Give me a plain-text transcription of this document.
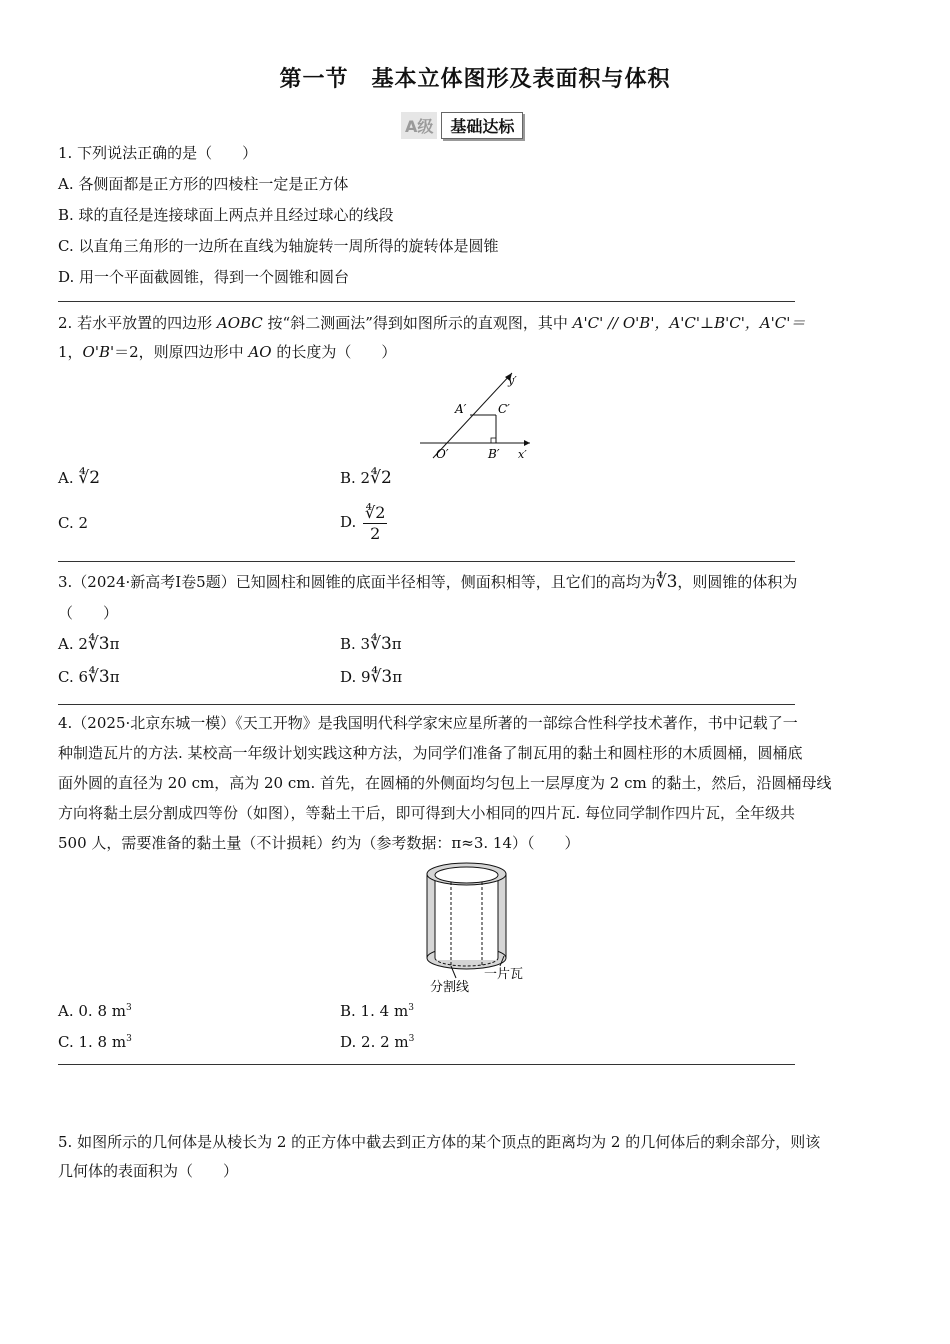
第一节　基本立体图形及表面积与体积
A级	基础达标
1. 下列说法正确的是（　　）
A. 各侧面都是正方形的四棱柱一定是正方体
B. 球的直径是连接球面上两点并且经过球心的线段
C. 以直角三角形的一边所在直线为轴旋转一周所得的旋转体是圆锥
D. 用一个平面截圆锥，得到一个圆锥和圆台
2. 若水平放置的四边形 AOBC 按“斜二测画法”得到如图所示的直观图，其中 A'C' // O'B'，A'C'⊥B'C'，A'C'＝
1，O'B'＝2，则原四边形中 AO 的长度为（　　）
y′
A′	C′
O′	B′ x′
A. ∜2	B. 2∜2
C. 2	D. $\frac{∜2}{2}$
3.（2024·新高考Ⅰ卷5题）已知圆柱和圆锥的底面半径相等，侧面积相等，且它们的高均为∜3，则圆锥的体积为
（　　）
A. 2∜3π	B. 3∜3π
C. 6∜3π	D. 9∜3π
4.（2025·北京东城一模）《天工开物》是我国明代科学家宋应星所著的一部综合性科学技术著作，书中记载了一
种制造瓦片的方法. 某校高一年级计划实践这种方法，为同学们准备了制瓦用的黏土和圆柱形的木质圆桶，圆桶底
面外圆的直径为 20 cm，高为 20 cm. 首先，在圆桶的外侧面均匀包上一层厚度为 2 cm 的黏土，然后，沿圆桶母线
方向将黏土层分割成四等份（如图），等黏土干后，即可得到大小相同的四片瓦. 每位同学制作四片瓦，全年级共
500 人，需要准备的黏土量（不计损耗）约为（参考数据：π≈3. 14）（　　）
分割线
一片瓦
A. 0. 8 $m^3$	B. 1. 4 $m^3$
C. 1. 8 $m^3$	D. 2. 2 $m^3$
5. 如图所示的几何体是从棱长为 2 的正方体中截去到正方体的某个顶点的距离均为 2 的几何体后的剩余部分，则该
几何体的表面积为（　　）
